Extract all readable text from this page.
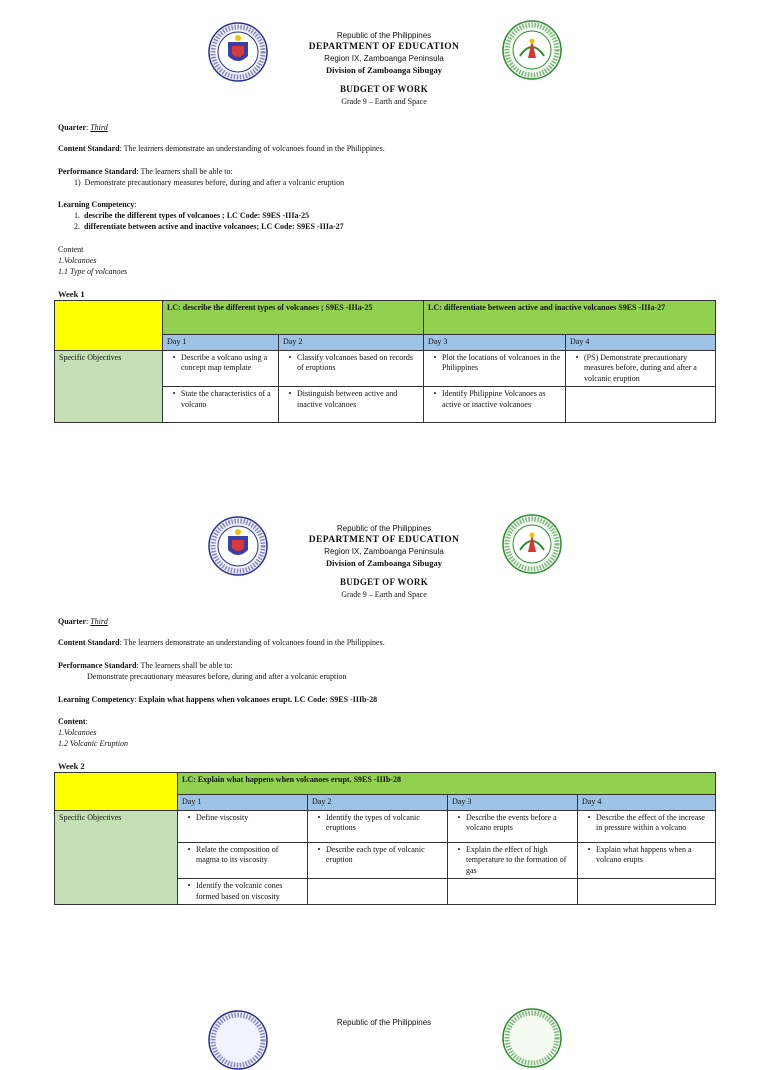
Republic of the Philippines
DEPARTMENT OF EDUCATION
Region IX, Zamboanga Peninsula
Division of Zamboanga Sibugay
BUDGET OF WORK
Grade 9 – Earth and Space
Quarter: Third
Content Standard: The learners demonstrate an understanding of volcanoes found in the Philippines.
Performance Standard: The learners shall be able to:
1) Demonstrate precautionary measures before, during and after a volcanic eruption
Learning Competency:
1. describe the different types of volcanoes ; LC Code: S9ES -IIIa-25
2. differentiate between active and inactive volcanoes; LC Code: S9ES -IIIa-27
Content
1.Volcanoes
1.1 Type of volcanoes
Week 1
	LC: describe the different types of volcanoes ; S9ES -IIIa-25		LC: differentiate between active and inactive volcanoes S9ES -IIIa-27	
	Day 1	Day 2	Day 3	Day 4
Specific Objectives	• Describe a volcano using a concept map template	• Classify volcanoes based on records of eruptions	• Plot the locations of volcanoes in the Philippines	• (PS) Demonstrate precautionary measures before, during and after a volcanic eruption

	• State the characteristics of a volcano	• Distinguish between active and inactive volcanoes	• Identify Philippine Volcanoes as active or inactive volcanoes	

Republic of the Philippines
DEPARTMENT OF EDUCATION
Region IX, Zamboanga Peninsula
Division of Zamboanga Sibugay
BUDGET OF WORK
Grade 9 – Earth and Space
Quarter: Third
Content Standard: The learners demonstrate an understanding of volcanoes found in the Philippines.
Performance Standard: The learners shall be able to:
Demonstrate precautionary measures before, during and after a volcanic eruption
Learning Competency: Explain what happens when volcanoes erupt. LC Code: S9ES -IIIb-28
Content:
1.Volcanoes
1.2 Volcanic Eruption
Week 2
	LC: Explain what happens when volcanoes erupt. S9ES -IIIb-28			
	Day 1	Day 2	Day 3	Day 4
Specific Objectives	• Define viscosity	• Identify the types of volcanic eruptions	• Describe the events before a volcano erupts	• Describe the effect of the increase in pressure within a volcano

	• Relate the composition of magma to its viscosity	• Describe each type of volcanic eruption	• Explain the effect of high temperature to the formation of gas	• Explain what happens when a volcano erupts

	• Identify the volcanic cones formed based on viscosity			

Republic of the Philippines
